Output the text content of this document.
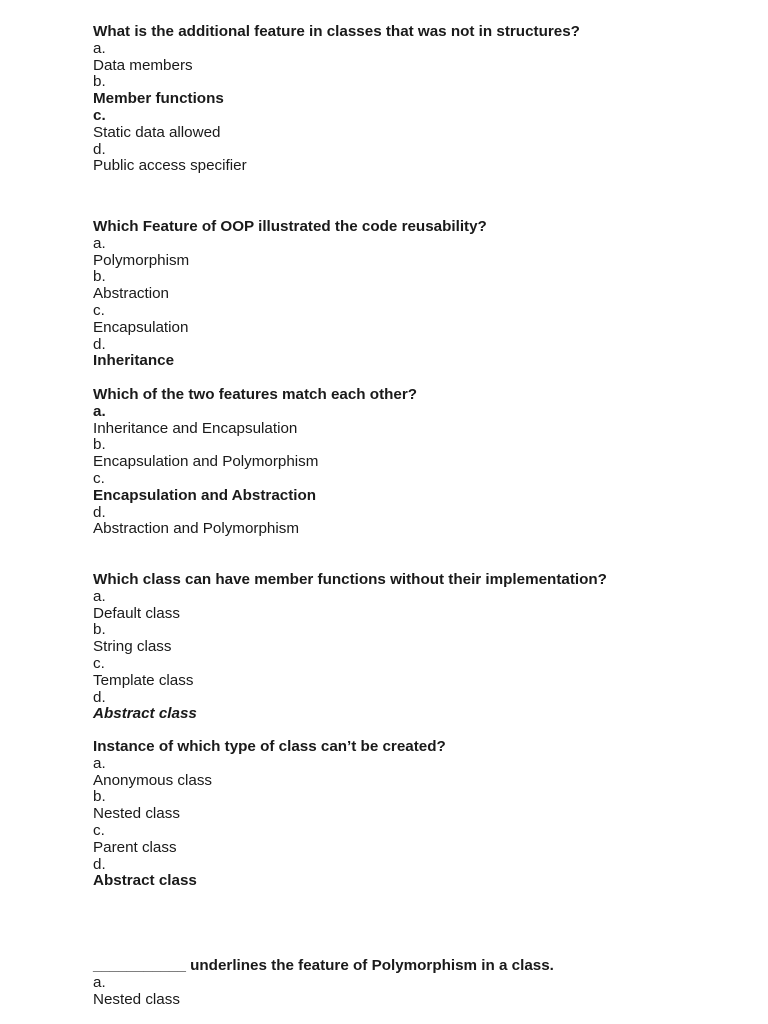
What is the additional feature in classes that was not in structures?
a.
Data members
b.
Member functions
c.
Static data allowed
d.
Public access specifier
Which Feature of OOP illustrated the code reusability?
a.
Polymorphism
b.
Abstraction
c.
Encapsulation
d.
Inheritance
Which of the two features match each other?
a.
Inheritance and Encapsulation
b.
Encapsulation and Polymorphism
c.
Encapsulation and Abstraction
d.
Abstraction and Polymorphism
Which class can have member functions without their implementation?
a.
Default class
b.
String class
c.
Template class
d.
Abstract class
Instance of which type of class can’t be created?
a.
Anonymous class
b.
Nested class
c.
Parent class
d.
Abstract class
___________ underlines the feature of Polymorphism in a class.
a.
Nested class
